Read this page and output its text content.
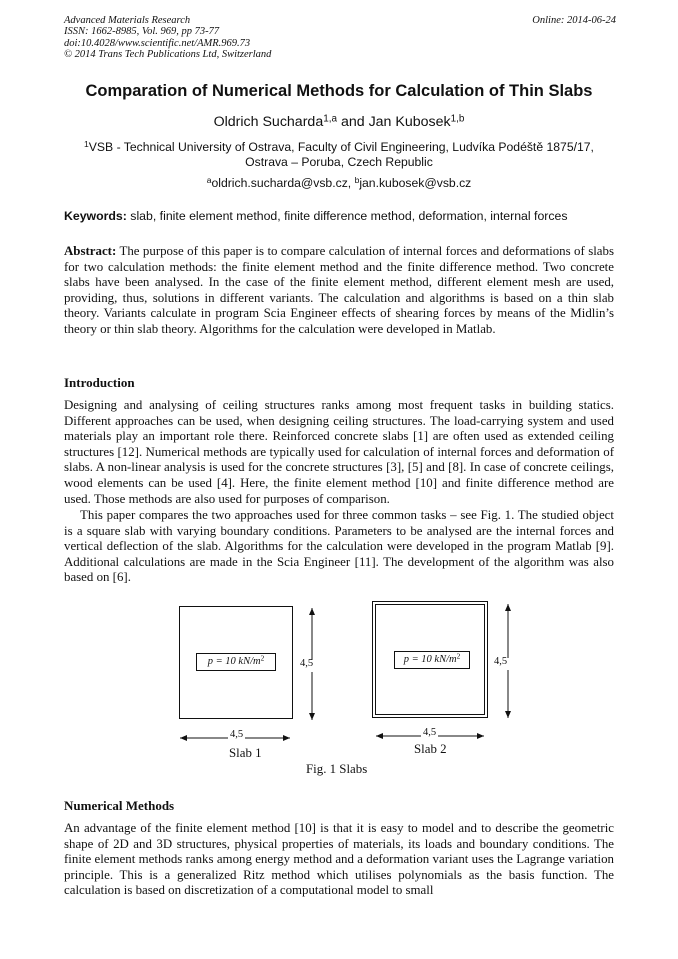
Advanced Materials Research
ISSN: 1662-8985, Vol. 969, pp 73-77
doi:10.4028/www.scientific.net/AMR.969.73
© 2014 Trans Tech Publications Ltd, Switzerland
Online: 2014-06-24
Comparation of Numerical Methods for Calculation of Thin Slabs
Oldrich Sucharda$^{1,a}$ and Jan Kubosek$^{1,b}$
$^1$VSB - Technical University of Ostrava, Faculty of Civil Engineering, Ludvíka Podéště 1875/17,
Ostrava – Poruba, Czech Republic
$^a$oldrich.sucharda@vsb.cz, $^b$jan.kubosek@vsb.cz
Keywords: slab, finite element method, finite difference method, deformation, internal forces

Abstract: The purpose of this paper is to compare calculation of internal forces and deformations of slabs for two calculation methods: the finite element method and the finite difference method. Two concrete slabs have been analysed. In the case of the finite element method, different element mesh are used, providing, thus, solutions in different variants. The calculation and algorithms is based on a thin slab theory. Variants calculate in program Scia Engineer effects of shearing forces by means of the Midlin’s theory or thin slab theory. Algorithms for the calculation were developed in Matlab.

Introduction

Designing and analysing of ceiling structures ranks among most frequent tasks in building statics. Different approaches can be used, when designing ceiling structures. The load-carrying system and used materials play an important role there. Reinforced concrete slabs [1] are often used as extended ceiling structures [12]. Numerical methods are typically used for calculation of internal forces and deformation of slabs. A non-linear analysis is used for the concrete structures [3], [5] and [8]. In case of concrete ceilings, wood elements can be used [4]. Here, the finite element method [10] and finite difference method are used. Those methods are also used for purposes of comparison.

This paper compares the two approaches used for three common tasks – see Fig. 1. The studied object is a square slab with varying boundary conditions. Parameters to be analysed are the internal forces and vertical deflection of the slab. Algorithms for the calculation were developed in the program Matlab [9]. Additional calculations are made in the Scia Engineer [11]. The development of the algorithm was also based on [6].

p = 10 $kN/m^2$	4,5
4,5
Slab 1
p = 10 $kN/m^2$	4,5
4,5
Slab 2
Fig. 1 Slabs
Numerical Methods

An advantage of the finite element method [10] is that it is easy to model and to describe the geometric shape of 2D and 3D structures, physical properties of materials, its loads and boundary conditions. The finite element methods ranks among energy method and a deformation variant uses the Lagrange variation principle. This is a generalized Ritz method which utilises polynomials as the basis function. The calculation is based on discretization of a computational model to small
